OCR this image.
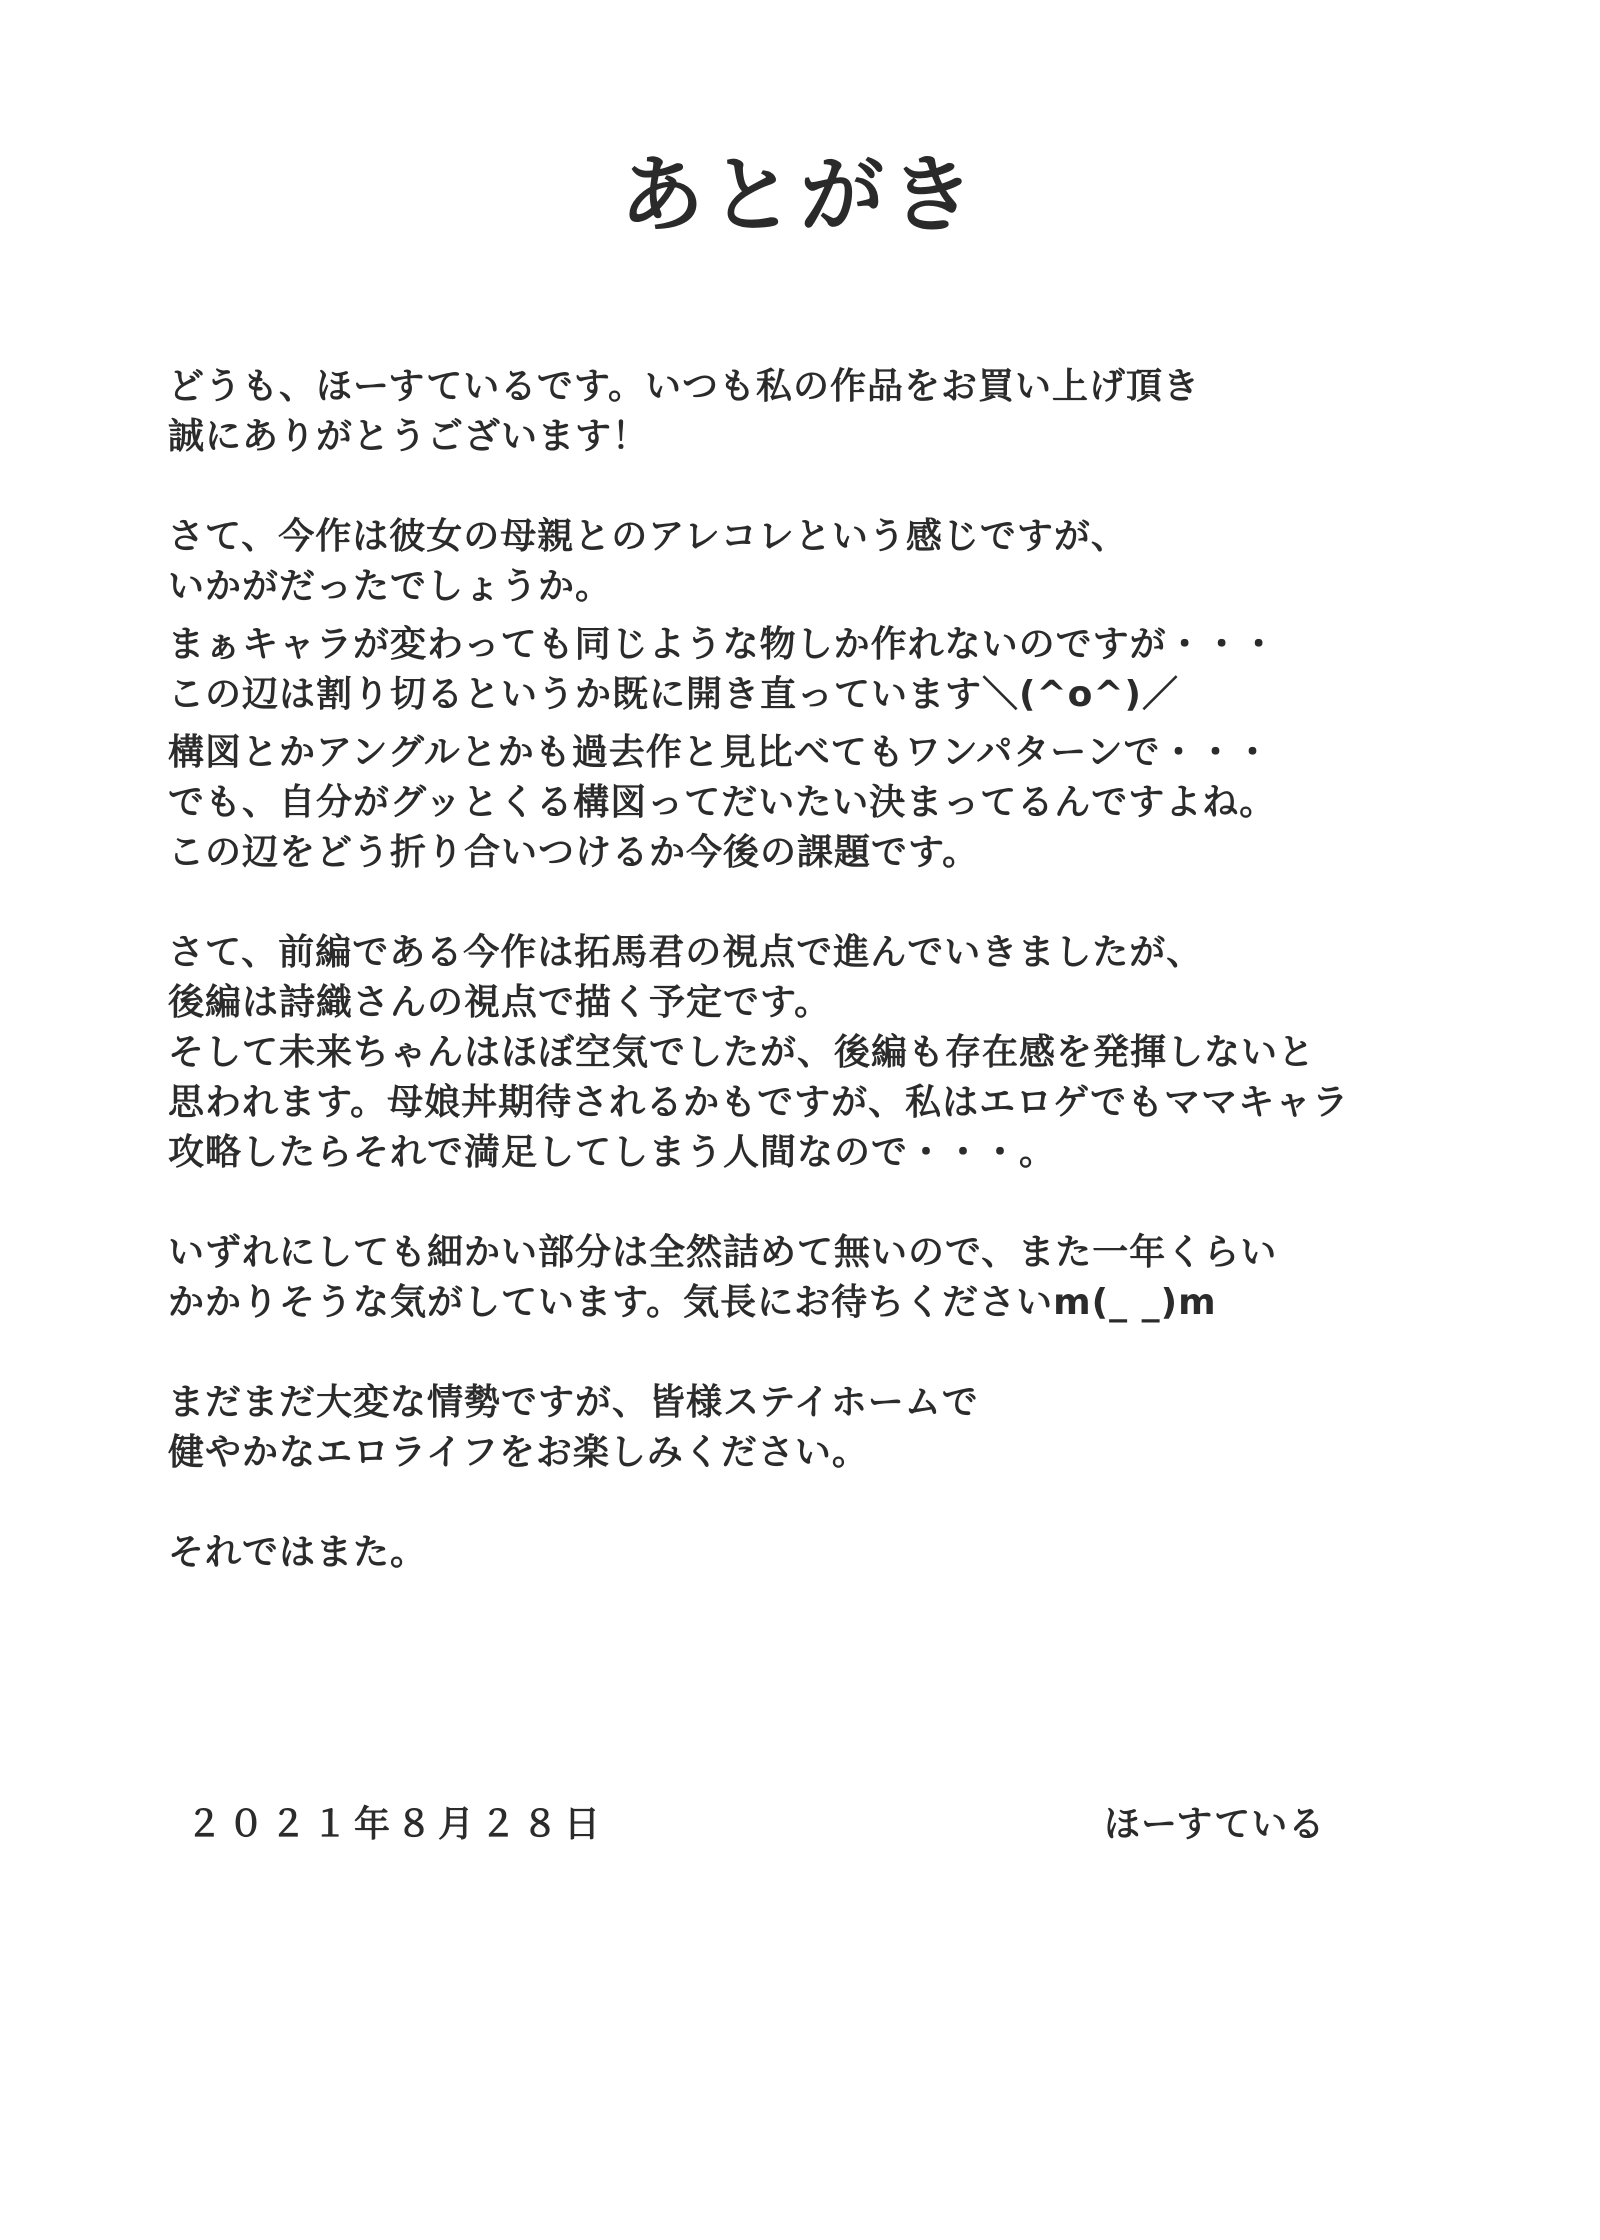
あとがき
どうも、ほーすているです。いつも私の作品をお買い上げ頂き
誠にありがとうございます！
さて、今作は彼女の母親とのアレコレという感じですが、
いかがだったでしょうか。
まぁキャラが変わっても同じような物しか作れないのですが・・・
この辺は割り切るというか既に開き直っています＼(^o^)／
構図とかアングルとかも過去作と見比べてもワンパターンで・・・
でも、自分がグッとくる構図ってだいたい決まってるんですよね。
この辺をどう折り合いつけるか今後の課題です。
さて、前編である今作は拓馬君の視点で進んでいきましたが、
後編は詩織さんの視点で描く予定です。
そして未来ちゃんはほぼ空気でしたが、後編も存在感を発揮しないと
思われます。母娘丼期待されるかもですが、私はエロゲでもママキャラ
攻略したらそれで満足してしまう人間なので・・・。
いずれにしても細かい部分は全然詰めて無いので、また一年くらい
かかりそうな気がしています。気長にお待ちくださいm(_ _)m
まだまだ大変な情勢ですが、皆様ステイホームで
健やかなエロライフをお楽しみください。
それではまた。
２０２１年８月２８日	ほーすている
